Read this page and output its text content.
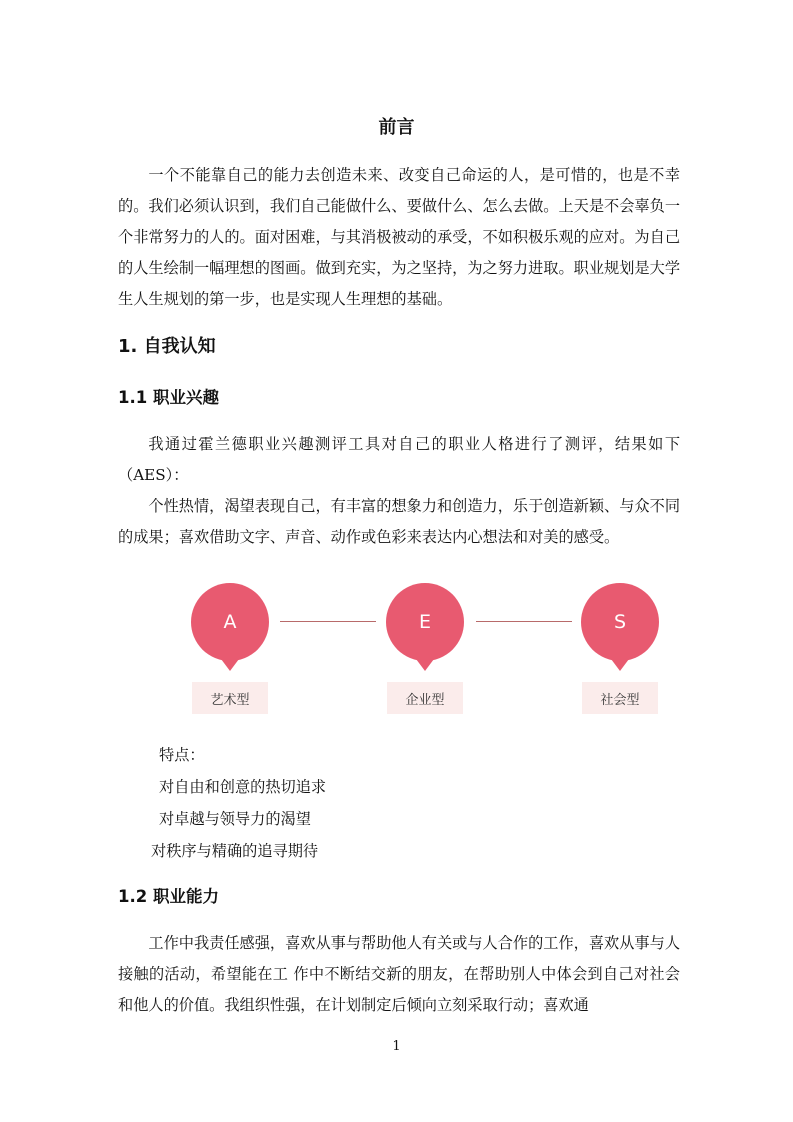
前言

一个不能靠自己的能力去创造未来、改变自己命运的人，是可惜的，也是不幸的。我们必须认识到，我们自己能做什么、要做什么、怎么去做。上天是不会辜负一个非常努力的人的。面对困难，与其消极被动的承受，不如积极乐观的应对。为自己的人生绘制一幅理想的图画。做到充实，为之坚持，为之努力进取。职业规划是大学生人生规划的第一步，也是实现人生理想的基础。

1. 自我认知
1.1 职业兴趣

我通过霍兰德职业兴趣测评工具对自己的职业人格进行了测评，结果如下（AES）：

个性热情，渴望表现自己，有丰富的想象力和创造力，乐于创造新颖、与众不同的成果；喜欢借助文字、声音、动作或色彩来表达内心想法和对美的感受。

A
艺术型
E
企业型
S
社会型

特点：

对自由和创意的热切追求

对卓越与领导力的渴望

对秩序与精确的追寻期待

1.2 职业能力

工作中我责任感强，喜欢从事与帮助他人有关或与人合作的工作，喜欢从事与人接触的活动，希望能在工 作中不断结交新的朋友，在帮助别人中体会到自己对社会和他人的价值。我组织性强，在计划制定后倾向立刻采取行动；喜欢通

1
